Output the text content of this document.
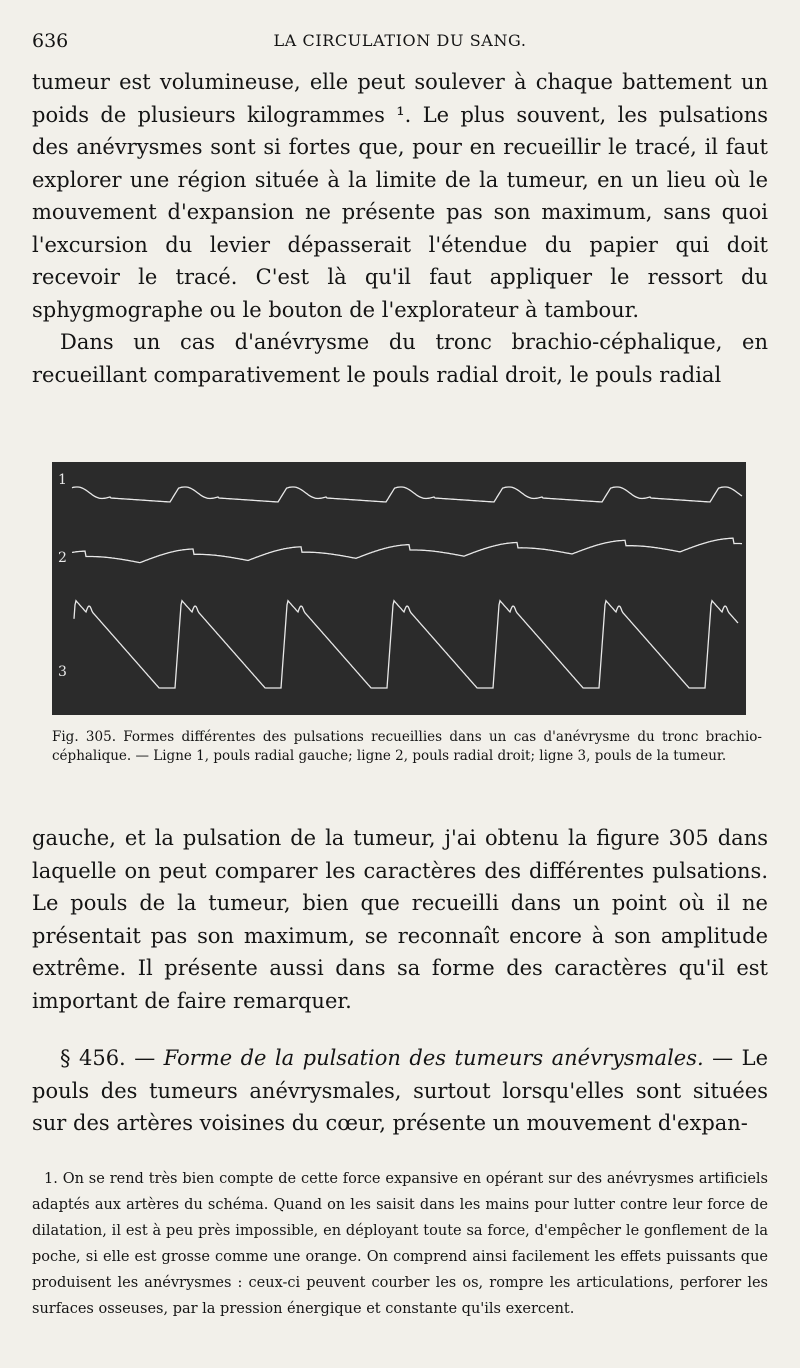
636	LA CIRCULATION DU SANG.

tumeur est volumineuse, elle peut soulever à chaque battement un poids de plusieurs kilogrammes ¹. Le plus souvent, les pulsations des anévrysmes sont si fortes que, pour en recueillir le tracé, il faut explorer une région située à la limite de la tumeur, en un lieu où le mouvement d'expansion ne présente pas son maximum, sans quoi l'excursion du levier dépasserait l'étendue du papier qui doit recevoir le tracé. C'est là qu'il faut appliquer le ressort du sphygmographe ou le bouton de l'explorateur à tambour.

Dans un cas d'anévrysme du tronc brachio-céphalique, en recueillant comparativement le pouls radial droit, le pouls radial

1
2
3

Fig. 305. Formes différentes des pulsations recueillies dans un cas d'anévrysme du tronc brachio-céphalique. — Ligne 1, pouls radial gauche; ligne 2, pouls radial droit; ligne 3, pouls de la tumeur.

gauche, et la pulsation de la tumeur, j'ai obtenu la figure 305 dans laquelle on peut comparer les caractères des différentes pulsations. Le pouls de la tumeur, bien que recueilli dans un point où il ne présentait pas son maximum, se reconnaît encore à son amplitude extrême. Il présente aussi dans sa forme des caractères qu'il est important de faire remarquer.

§ 456. — Forme de la pulsation des tumeurs anévrysmales. — Le pouls des tumeurs anévrysmales, surtout lorsqu'elles sont situées sur des artères voisines du cœur, présente un mouvement d'expan-

1. On se rend très bien compte de cette force expansive en opérant sur des anévrysmes artificiels adaptés aux artères du schéma. Quand on les saisit dans les mains pour lutter contre leur force de dilatation, il est à peu près impossible, en déployant toute sa force, d'empêcher le gonflement de la poche, si elle est grosse comme une orange. On comprend ainsi facilement les effets puissants que produisent les anévrysmes : ceux-ci peuvent courber les os, rompre les articulations, perforer les surfaces osseuses, par la pression énergique et constante qu'ils exercent.
